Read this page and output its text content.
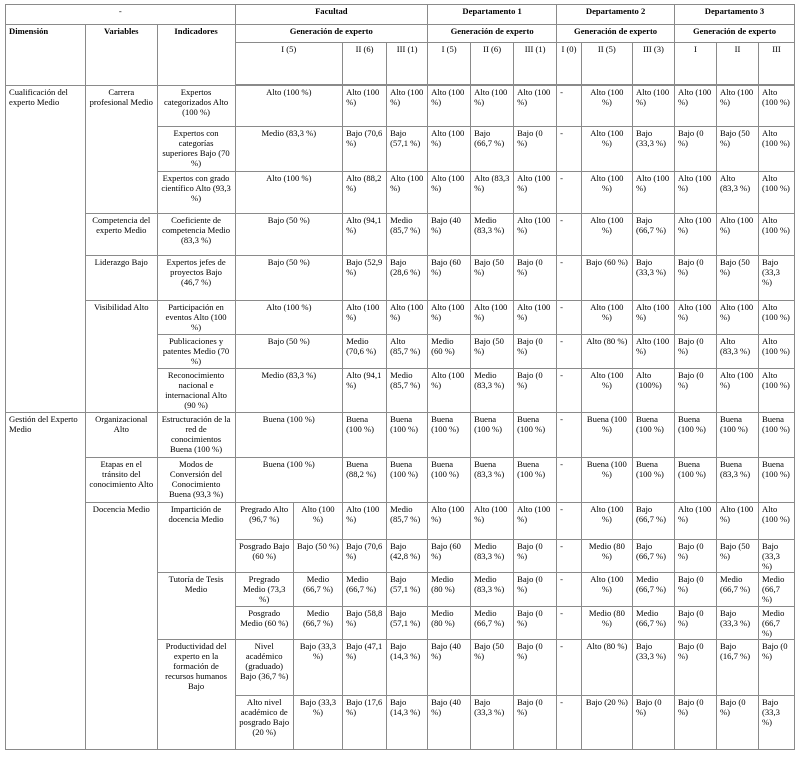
-			Facultad				Departamento 1			Departamento 2			Departamento 3		
Dimensión	Variables	Indicadores	Generación de experto				Generación de experto			Generación de experto			Generación de experto		
			I (5)		II (6)	III (1)	I (5)	II (6)	III (1)	I (0)	II (5)	III (3)	I	II	III

Cualificación del experto Medio	Carrera profesional Medio	Expertos categorizados Alto (100 %)	Alto (100 %)		Alto (100 %)	Alto (100 %)	Alto (100 %)	Alto (100 %)	Alto (100 %)	-	Alto (100 %)	Alto (100 %)	Alto (100 %)	Alto (100 %)	Alto (100 %)
		Expertos con categorías superiores Bajo (70 %)	Medio (83,3 %)		Bajo (70,6 %)	Bajo (57,1 %)	Alto (100 %)	Bajo (66,7 %)	Bajo (0 %)	-	Alto (100 %)	Bajo (33,3 %)	Bajo (0 %)	Bajo (50 %)	Alto (100 %)
		Expertos con grado científico Alto (93,3 %)	Alto (100 %)		Alto (88,2 %)	Alto (100 %)	Alto (100 %)	Alto (83,3 %)	Alto (100 %)	-	Alto (100 %)	Alto (100 %)	Alto (100 %)	Alto (83,3 %)	Alto (100 %)
	Competencia del experto Medio	Coeficiente de competencia Medio (83,3 %)	Bajo (50 %)		Alto (94,1 %)	Medio (85,7 %)	Bajo (40 %)	Medio (83,3 %)	Alto (100 %)	-	Alto (100 %)	Bajo (66,7 %)	Alto (100 %)	Alto (100 %)	Alto (100 %)
	Liderazgo Bajo	Expertos jefes de proyectos Bajo (46,7 %)	Bajo (50 %)		Bajo (52,9 %)	Bajo (28,6 %)	Bajo (60 %)	Bajo (50 %)	Bajo (0 %)	-	Bajo (60 %)	Bajo (33,3 %)	Bajo (0 %)	Bajo (50 %)	Bajo (33,3 %)
	Visibilidad Alto	Participación en eventos Alto (100 %)	Alto (100 %)		Alto (100 %)	Alto (100 %)	Alto (100 %)	Alto (100 %)	Alto (100 %)	-	Alto (100 %)	Alto (100 %)	Alto (100 %)	Alto (100 %)	Alto (100 %)
		Publicaciones y patentes Medio (70 %)	Bajo (50 %)		Medio (70,6 %)	Alto (85,7 %)	Medio (60 %)	Bajo (50 %)	Bajo (0 %)	-	Alto (80 %)	Alto (100 %)	Bajo (0 %)	Alto (83,3 %)	Alto (100 %)
		Reconocimiento nacional e internacional Alto (90 %)	Medio (83,3 %)		Alto (94,1 %)	Medio (85,7 %)	Alto (100 %)	Medio (83,3 %)	Bajo (0 %)	-	Alto (100 %)	Alto (100%)	Bajo (0 %)	Alto (100 %)	Alto (100 %)
Gestión del Experto Medio	Organizacional Alto	Estructuración de la red de conocimientos Buena (100 %)	Buena (100 %)		Buena (100 %)	Buena (100 %)	Buena (100 %)	Buena (100 %)	Buena (100 %)	-	Buena (100 %)	Buena (100 %)	Buena (100 %)	Buena (100 %)	Buena (100 %)
	Etapas en el tránsito del conocimiento Alto	Modos de Conversión del Conocimiento Buena (93,3 %)	Buena (100 %)		Buena (88,2 %)	Buena (100 %)	Buena (100 %)	Buena (83,3 %)	Buena (100 %)	-	Buena (100 %)	Buena (100 %)	Buena (100 %)	Buena (83,3 %)	Buena (100 %)
	Docencia Medio	Impartición de docencia Medio	Pregrado Alto (96,7 %)	Alto (100 %)	Alto (100 %)	Medio (85,7 %)	Alto (100 %)	Alto (100 %)	Alto (100 %)	-	Alto (100 %)	Bajo (66,7 %)	Alto (100 %)	Alto (100 %)	Alto (100 %)
			Posgrado Bajo (60 %)	Bajo (50 %)	Bajo (70,6 %)	Bajo (42,8 %)	Bajo (60 %)	Medio (83,3 %)	Bajo (0 %)	-	Medio (80 %)	Bajo (66,7 %)	Bajo (0 %)	Bajo (50 %)	Bajo (33,3 %)
		Tutoría de Tesis Medio	Pregrado Medio (73,3 %)	Medio (66,7 %)	Medio (66,7 %)	Bajo (57,1 %)	Medio (80 %)	Medio (83,3 %)	Bajo (0 %)	-	Alto (100 %)	Medio (66,7 %)	Bajo (0 %)	Medio (66,7 %)	Medio (66,7 %)
			Posgrado Medio (60 %)	Medio (66,7 %)	Bajo (58,8 %)	Bajo (57,1 %)	Medio (80 %)	Medio (66,7 %)	Bajo (0 %)	-	Medio (80 %)	Medio (66,7 %)	Bajo (0 %)	Bajo (33,3 %)	Medio (66,7 %)
		Productividad del experto en la formación de recursos humanos Bajo	Nivel académico (graduado) Bajo (36,7 %)	Bajo (33,3 %)	Bajo (47,1 %)	Bajo (14,3 %)	Bajo (40 %)	Bajo (50 %)	Bajo (0 %)	-	Alto (80 %)	Bajo (33,3 %)	Bajo (0 %)	Bajo (16,7 %)	Bajo (0 %)
			Alto nivel académico de posgrado Bajo (20 %)	Bajo (33,3 %)	Bajo (17,6 %)	Bajo (14,3 %)	Bajo (40 %)	Bajo (33,3 %)	Bajo (0 %)	-	Bajo (20 %)	Bajo (0 %)	Bajo (0 %)	Bajo (0 %)	Bajo (33,3 %)
